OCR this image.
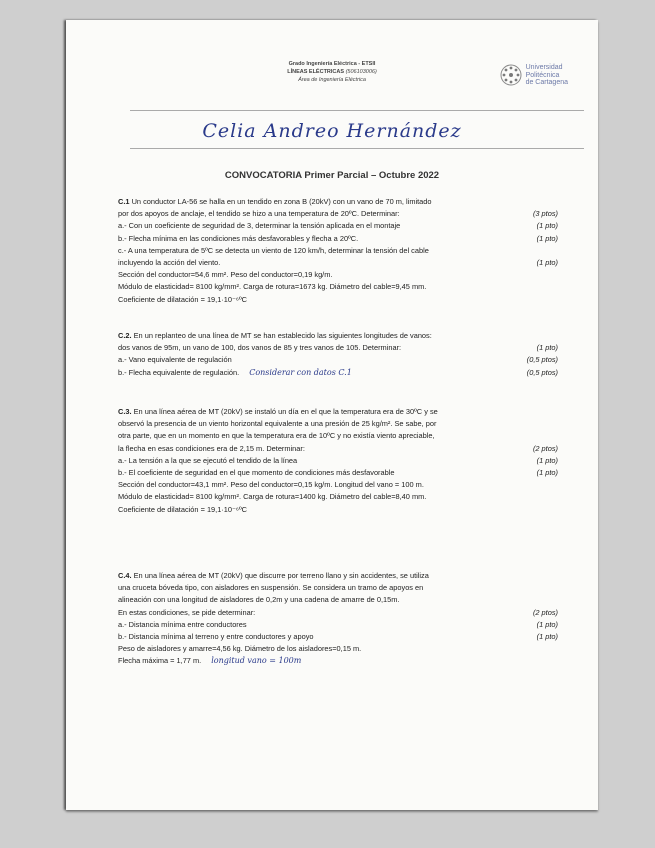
Grado Ingeniería Eléctrica - ETSII
LÍNEAS ELÉCTRICAS (506103006)
Área de Ingeniería Eléctrica
Universidad
Politécnica
de Cartagena
Celia Andreo Hernández
CONVOCATORIA Primer Parcial – Octubre 2022
C.1 Un conductor LA-56 se halla en un tendido en zona B (20kV) con un vano de 70 m, limitado
por dos apoyos de anclaje, el tendido se hizo a una temperatura de 20ºC. Determinar:	(3 ptos)
a.- Con un coeficiente de seguridad de 3, determinar la tensión aplicada en el montaje	(1 pto)
b.- Flecha mínima en las condiciones más desfavorables y flecha a 20ºC.	(1 pto)
c.- A una temperatura de 5ºC se detecta un viento de 120 km/h, determinar la tensión del cable
incluyendo la acción del viento.	(1 pto)
Sección del conductor=54,6 mm². Peso del conductor=0,19 kg/m.
Módulo de elasticidad= 8100 kg/mm². Carga de rotura=1673 kg. Diámetro del cable=9,45 mm.
Coeficiente de dilatación = 19,1·10⁻⁶ºC
C.2. En un replanteo de una línea de MT se han establecido las siguientes longitudes de vanos:
dos vanos de 95m, un vano de 100, dos vanos de 85 y tres vanos de 105. Determinar:	(1 pto)
a.- Vano equivalente de regulación	(0,5 ptos)
b.- Flecha equivalente de regulación. Considerar con datos C.1	(0,5 ptos)
C.3. En una línea aérea de MT (20kV) se instaló un día en el que la temperatura era de 30ºC y se
observó la presencia de un viento horizontal equivalente a una presión de 25 kg/m². Se sabe, por
otra parte, que en un momento en que la temperatura era de 10ºC y no existía viento apreciable,
la flecha en esas condiciones era de 2,15 m. Determinar:	(2 ptos)
a.- La tensión a la que se ejecutó el tendido de la línea	(1 pto)
b.- El coeficiente de seguridad en el que momento de condiciones más desfavorable	(1 pto)
Sección del conductor=43,1 mm². Peso del conductor=0,15 kg/m. Longitud del vano = 100 m.
Módulo de elasticidad= 8100 kg/mm². Carga de rotura=1400 kg. Diámetro del cable=8,40 mm.
Coeficiente de dilatación = 19,1·10⁻⁶ºC
C.4. En una línea aérea de MT (20kV) que discurre por terreno llano y sin accidentes, se utiliza
una cruceta bóveda tipo, con aisladores en suspensión. Se considera un tramo de apoyos en
alineación con una longitud de aisladores de 0,2m y una cadena de amarre de 0,15m.
En estas condiciones, se pide determinar:	(2 ptos)
a.- Distancia mínima entre conductores	(1 pto)
b.- Distancia mínima al terreno y entre conductores y apoyo	(1 pto)
Peso de aisladores y amarre=4,56 kg. Diámetro de los aisladores=0,15 m.
Flecha máxima = 1,77 m. longitud vano = 100m
